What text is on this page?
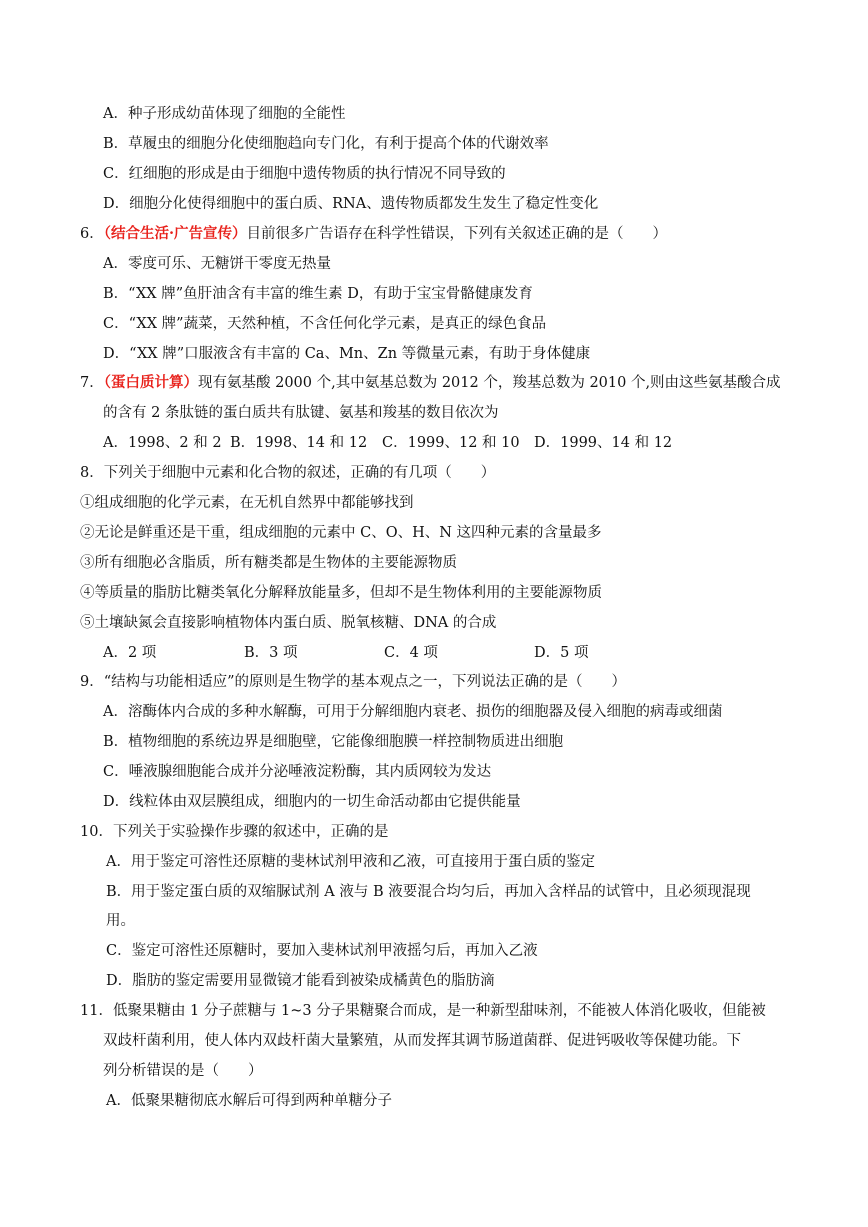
A．种子形成幼苗体现了细胞的全能性
B．草履虫的细胞分化使细胞趋向专门化，有利于提高个体的代谢效率
C．红细胞的形成是由于细胞中遗传物质的执行情况不同导致的
D．细胞分化使得细胞中的蛋白质、RNA、遗传物质都发生发生了稳定性变化
6．（结合生活·广告宣传）目前很多广告语存在科学性错误，下列有关叙述正确的是（　　）
A．零度可乐、无糖饼干零度无热量
B．“XX 牌”鱼肝油含有丰富的维生素 D，有助于宝宝骨骼健康发育
C．“XX 牌”蔬菜，天然种植，不含任何化学元素，是真正的绿色食品
D．“XX 牌”口服液含有丰富的 Ca、Mn、Zn 等微量元素，有助于身体健康
7．（蛋白质计算）现有氨基酸 2000 个,其中氨基总数为 2012 个，羧基总数为 2010 个,则由这些氨基酸合成
的含有 2 条肽链的蛋白质共有肽键、氨基和羧基的数目依次为
A．1998、2 和 2 B．1998、14 和 12 C．1999、12 和 10 D．1999、14 和 12
8．下列关于细胞中元素和化合物的叙述，正确的有几项（　　）
①组成细胞的化学元素，在无机自然界中都能够找到
②无论是鲜重还是干重，组成细胞的元素中 C、O、H、N 这四种元素的含量最多
③所有细胞必含脂质，所有糖类都是生物体的主要能源物质
④等质量的脂肪比糖类氧化分解释放能量多，但却不是生物体利用的主要能源物质
⑤土壤缺氮会直接影响植物体内蛋白质、脱氧核糖、DNA 的合成
A．2 项	B．3 项	C．4 项	D．5 项
9．“结构与功能相适应”的原则是生物学的基本观点之一，下列说法正确的是（　　）
A．溶酶体内合成的多种水解酶，可用于分解细胞内衰老、损伤的细胞器及侵入细胞的病毒或细菌
B．植物细胞的系统边界是细胞壁，它能像细胞膜一样控制物质进出细胞
C．唾液腺细胞能合成并分泌唾液淀粉酶，其内质网较为发达
D．线粒体由双层膜组成，细胞内的一切生命活动都由它提供能量
10．下列关于实验操作步骤的叙述中，正确的是
A．用于鉴定可溶性还原糖的斐林试剂甲液和乙液，可直接用于蛋白质的鉴定
B．用于鉴定蛋白质的双缩脲试剂 A 液与 B 液要混合均匀后，再加入含样品的试管中，且必须现混现
用。
C．鉴定可溶性还原糖时，要加入斐林试剂甲液摇匀后，再加入乙液
D．脂肪的鉴定需要用显微镜才能看到被染成橘黄色的脂肪滴
11．低聚果糖由 1 分子蔗糖与 1~3 分子果糖聚合而成，是一种新型甜味剂，不能被人体消化吸收，但能被
双歧杆菌利用，使人体内双歧杆菌大量繁殖，从而发挥其调节肠道菌群、促进钙吸收等保健功能。下
列分析错误的是（　　）
A．低聚果糖彻底水解后可得到两种单糖分子
